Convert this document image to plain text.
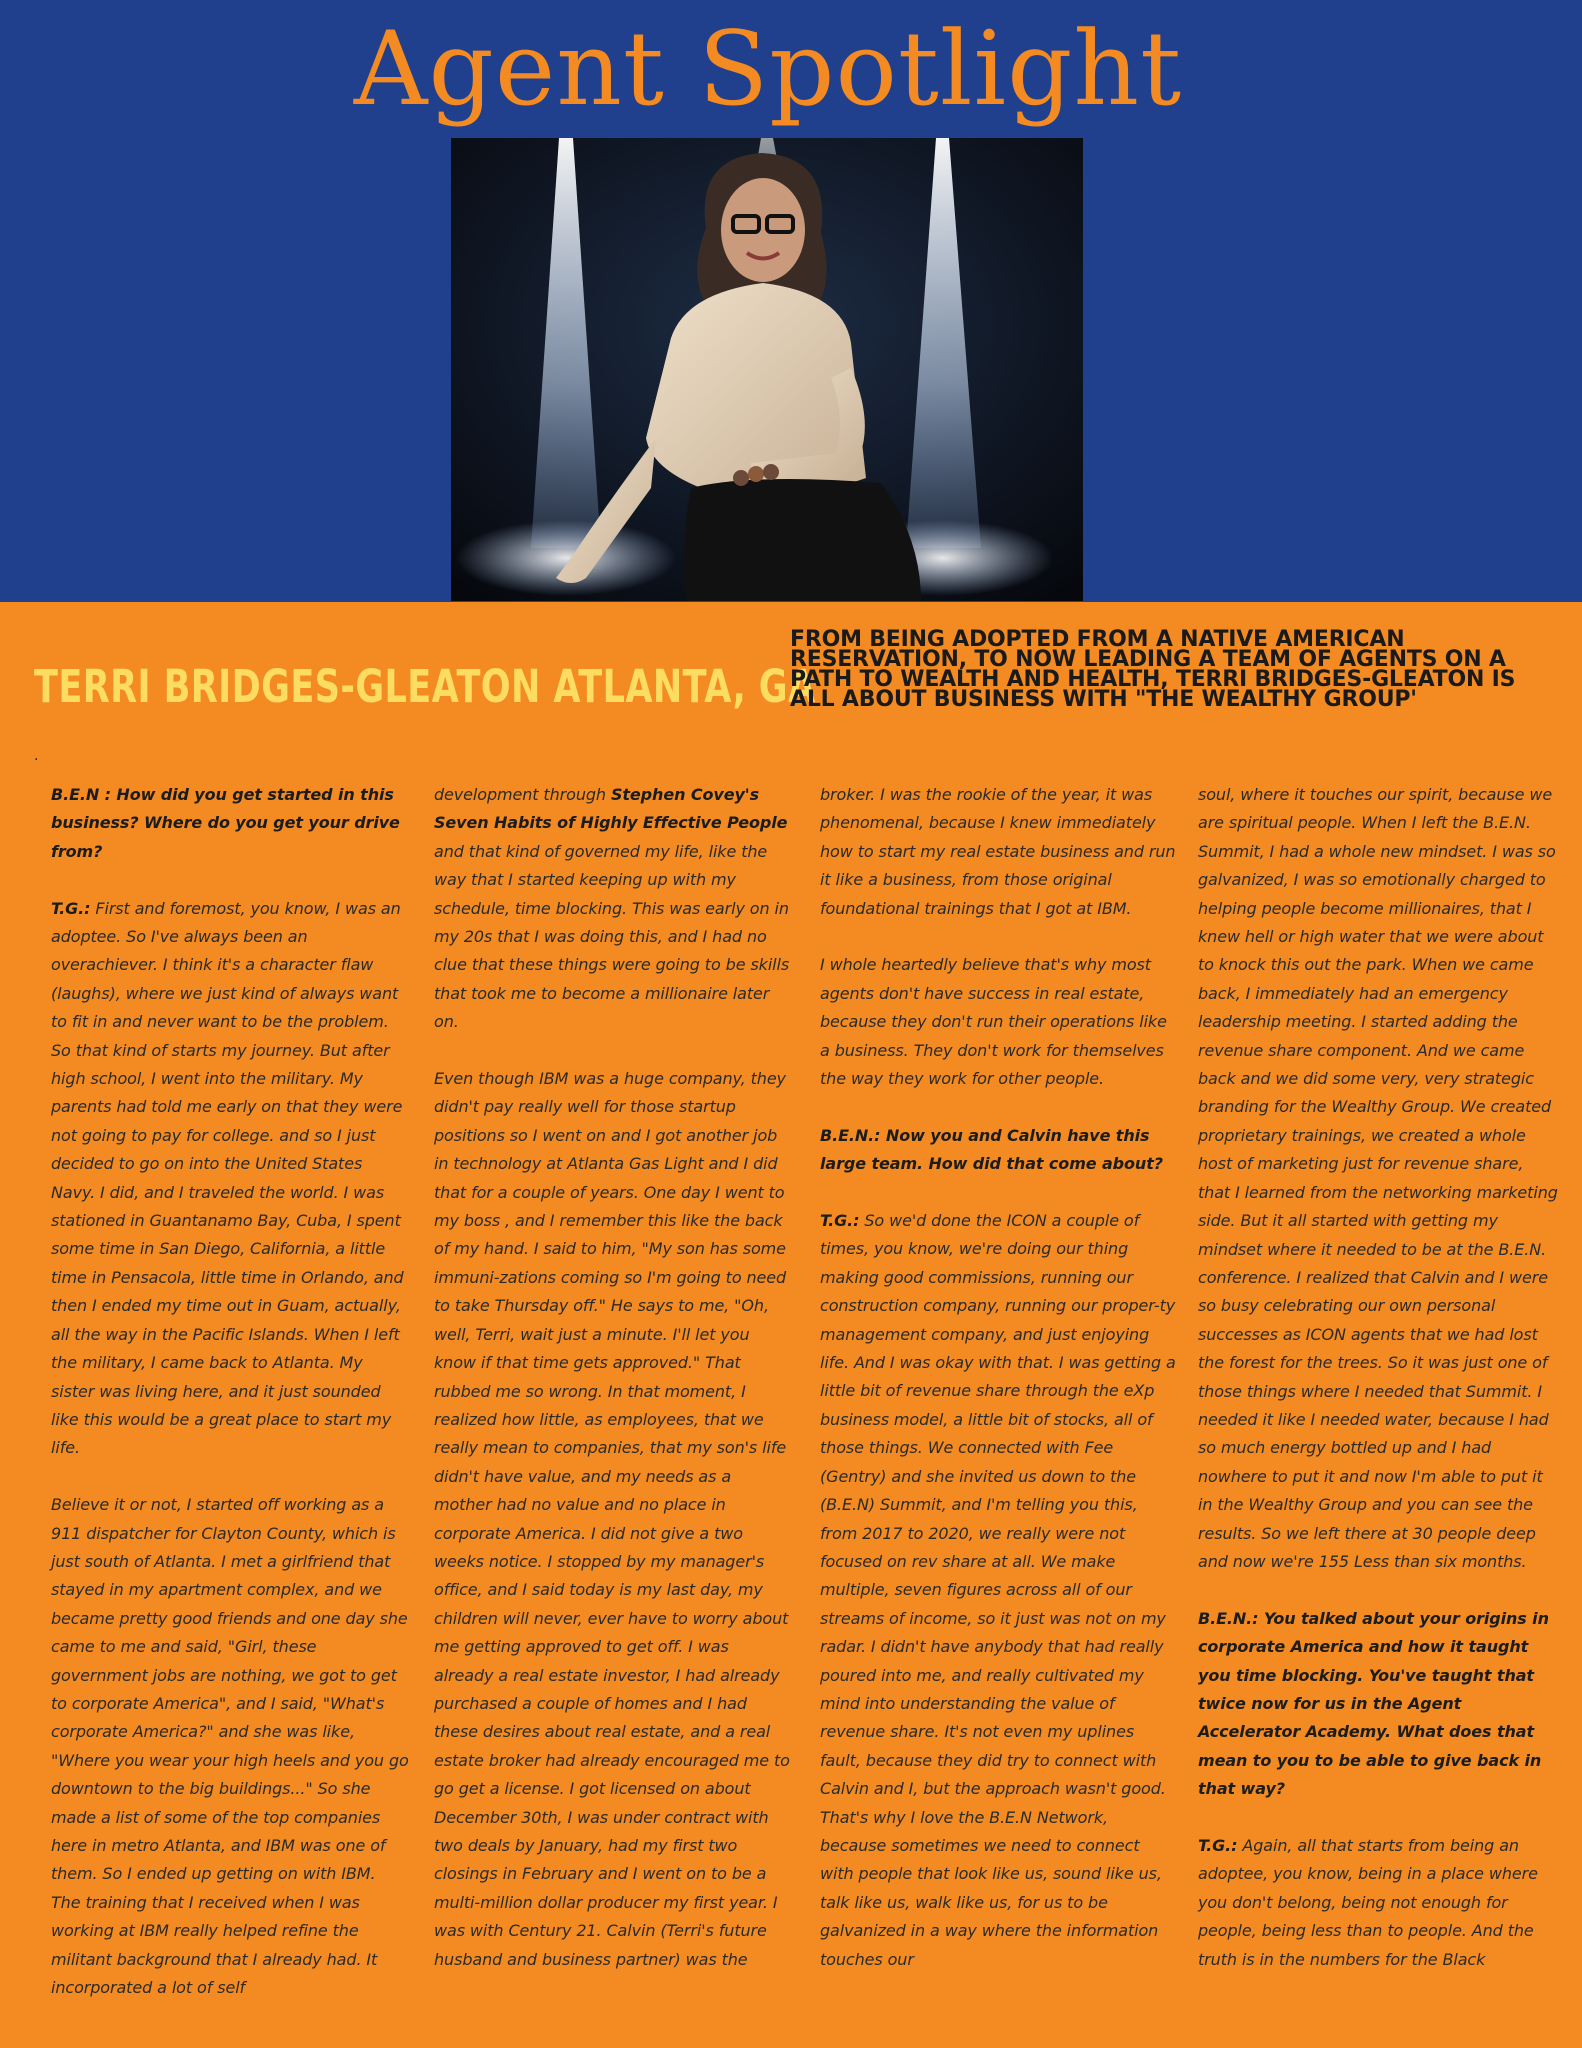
Agent Spotlight
TERRI BRIDGES-GLEATON ATLANTA, GA
FROM BEING ADOPTED FROM A NATIVE AMERICAN RESERVATION, TO NOW LEADING A TEAM OF AGENTS ON A PATH TO WEALTH AND HEALTH, TERRI BRIDGES-GLEATON IS ALL ABOUT BUSINESS WITH "THE WEALTHY GROUP'
.

B.E.N : How did you get started in this business? Where do you get your drive from?

T.G.: First and foremost, you know, I was an adoptee. So I've always been an overachiever. I think it's a character flaw (laughs), where we just kind of always want to fit in and never want to be the problem. So that kind of starts my journey. But after high school, I went into the military. My parents had told me early on that they were not going to pay for college. and so I just decided to go on into the United States Navy. I did, and I traveled the world. I was stationed in Guantanamo Bay, Cuba, I spent some time in San Diego, California, a little time in Pensacola, little time in Orlando, and then I ended my time out in Guam, actually, all the way in the Pacific Islands. When I left the military, I came back to Atlanta. My sister was living here, and it just sounded like this would be a great place to start my life.

Believe it or not, I started off working as a 911 dispatcher for Clayton County, which is just south of Atlanta. I met a girlfriend that stayed in my apartment complex, and we became pretty good friends and one day she came to me and said, "Girl, these government jobs are nothing, we got to get to corporate America", and I said, "What's corporate America?" and she was like, "Where you wear your high heels and you go downtown to the big buildings..." So she made a list of some of the top companies here in metro Atlanta, and IBM was one of them. So I ended up getting on with IBM. The training that I received when I was working at IBM really helped refine the militant background that I already had. It incorporated a lot of self

development through Stephen Covey's Seven Habits of Highly Effective People and that kind of governed my life, like the way that I started keeping up with my schedule, time blocking. This was early on in my 20s that I was doing this, and I had no clue that these things were going to be skills that took me to become a millionaire later on.

Even though IBM was a huge company, they didn't pay really well for those startup positions so I went on and I got another job in technology at Atlanta Gas Light and I did that for a couple of years. One day I went to my boss , and I remember this like the back of my hand. I said to him, "My son has some immuni-zations coming so I'm going to need to take Thursday off." He says to me, "Oh, well, Terri, wait just a minute. I'll let you know if that time gets approved." That rubbed me so wrong. In that moment, I realized how little, as employees, that we really mean to companies, that my son's life didn't have value, and my needs as a mother had no value and no place in corporate America. I did not give a two weeks notice. I stopped by my manager's office, and I said today is my last day, my children will never, ever have to worry about me getting approved to get off. I was already a real estate investor, I had already purchased a couple of homes and I had these desires about real estate, and a real estate broker had already encouraged me to go get a license. I got licensed on about December 30th, I was under contract with two deals by January, had my first two closings in February and I went on to be a multi-million dollar producer my first year. I was with Century 21. Calvin (Terri's future husband and business partner) was the

broker. I was the rookie of the year, it was phenomenal, because I knew immediately how to start my real estate business and run it like a business, from those original foundational trainings that I got at IBM.

I whole heartedly believe that's why most agents don't have success in real estate, because they don't run their operations like a business. They don't work for themselves the way they work for other people.

B.E.N.: Now you and Calvin have this large team. How did that come about?

T.G.: So we'd done the ICON a couple of times, you know, we're doing our thing making good commissions, running our construction company, running our proper-ty management company, and just enjoying life. And I was okay with that. I was getting a little bit of revenue share through the eXp business model, a little bit of stocks, all of those things. We connected with Fee (Gentry) and she invited us down to the (B.E.N) Summit, and I'm telling you this, from 2017 to 2020, we really were not focused on rev share at all. We make multiple, seven figures across all of our streams of income, so it just was not on my radar. I didn't have anybody that had really poured into me, and really cultivated my mind into understanding the value of revenue share. It's not even my uplines fault, because they did try to connect with Calvin and I, but the approach wasn't good. That's why I love the B.E.N Network, because sometimes we need to connect with people that look like us, sound like us, talk like us, walk like us, for us to be galvanized in a way where the information touches our

soul, where it touches our spirit, because we are spiritual people. When I left the B.E.N. Summit, I had a whole new mindset. I was so galvanized, I was so emotionally charged to helping people become millionaires, that I knew hell or high water that we were about to knock this out the park. When we came back, I immediately had an emergency leadership meeting. I started adding the revenue share component. And we came back and we did some very, very strategic branding for the Wealthy Group. We created proprietary trainings, we created a whole host of marketing just for revenue share, that I learned from the networking marketing side. But it all started with getting my mindset where it needed to be at the B.E.N. conference. I realized that Calvin and I were so busy celebrating our own personal successes as ICON agents that we had lost the forest for the trees. So it was just one of those things where I needed that Summit. I needed it like I needed water, because I had so much energy bottled up and I had nowhere to put it and now I'm able to put it in the Wealthy Group and you can see the results. So we left there at 30 people deep and now we're 155 Less than six months.

B.E.N.: You talked about your origins in corporate America and how it taught you time blocking. You've taught that twice now for us in the Agent Accelerator Academy. What does that mean to you to be able to give back in that way?

T.G.: Again, all that starts from being an adoptee, you know, being in a place where you don't belong, being not enough for people, being less than to people. And the truth is in the numbers for the Black
